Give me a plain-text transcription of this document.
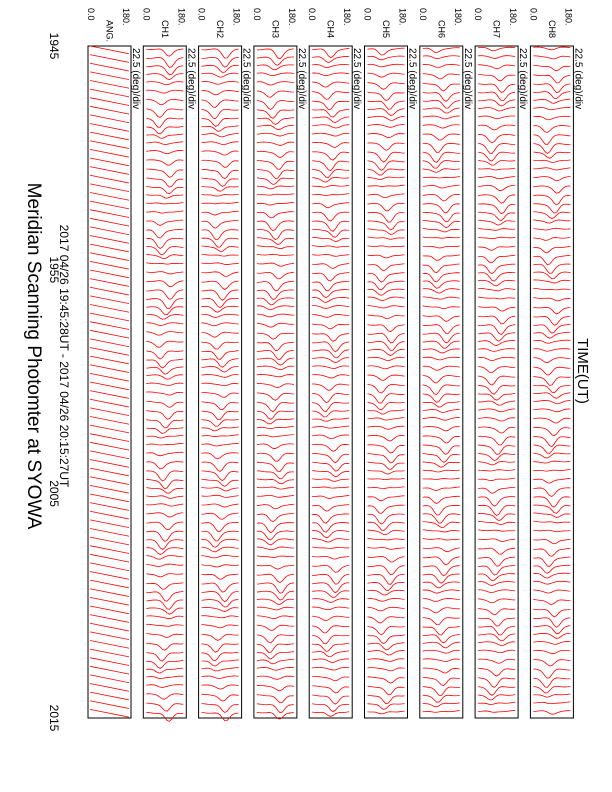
Meridian Scanning Photomter at SYOWA 2017 04/26 19:45:28UT - 2017 04/26 20:15:27UT	TIME(UT)
180.
ANG.
0.0
22.5 (deg)/div
180.
CH1
0.0
22.5 (deg)/div
180.
CH2
0.0
22.5 (deg)/div
180.
CH3
0.0
22.5 (deg)/div
180.
CH4
0.0
22.5 (deg)/div
180.
CH5
0.0
22.5 (deg)/div
180.
CH6
0.0
22.5 (deg)/div
180.
CH7
0.0
22.5 (deg)/div
180.
CH8
0.0
22.5 (deg)/div
1945
1955
2005
2015
